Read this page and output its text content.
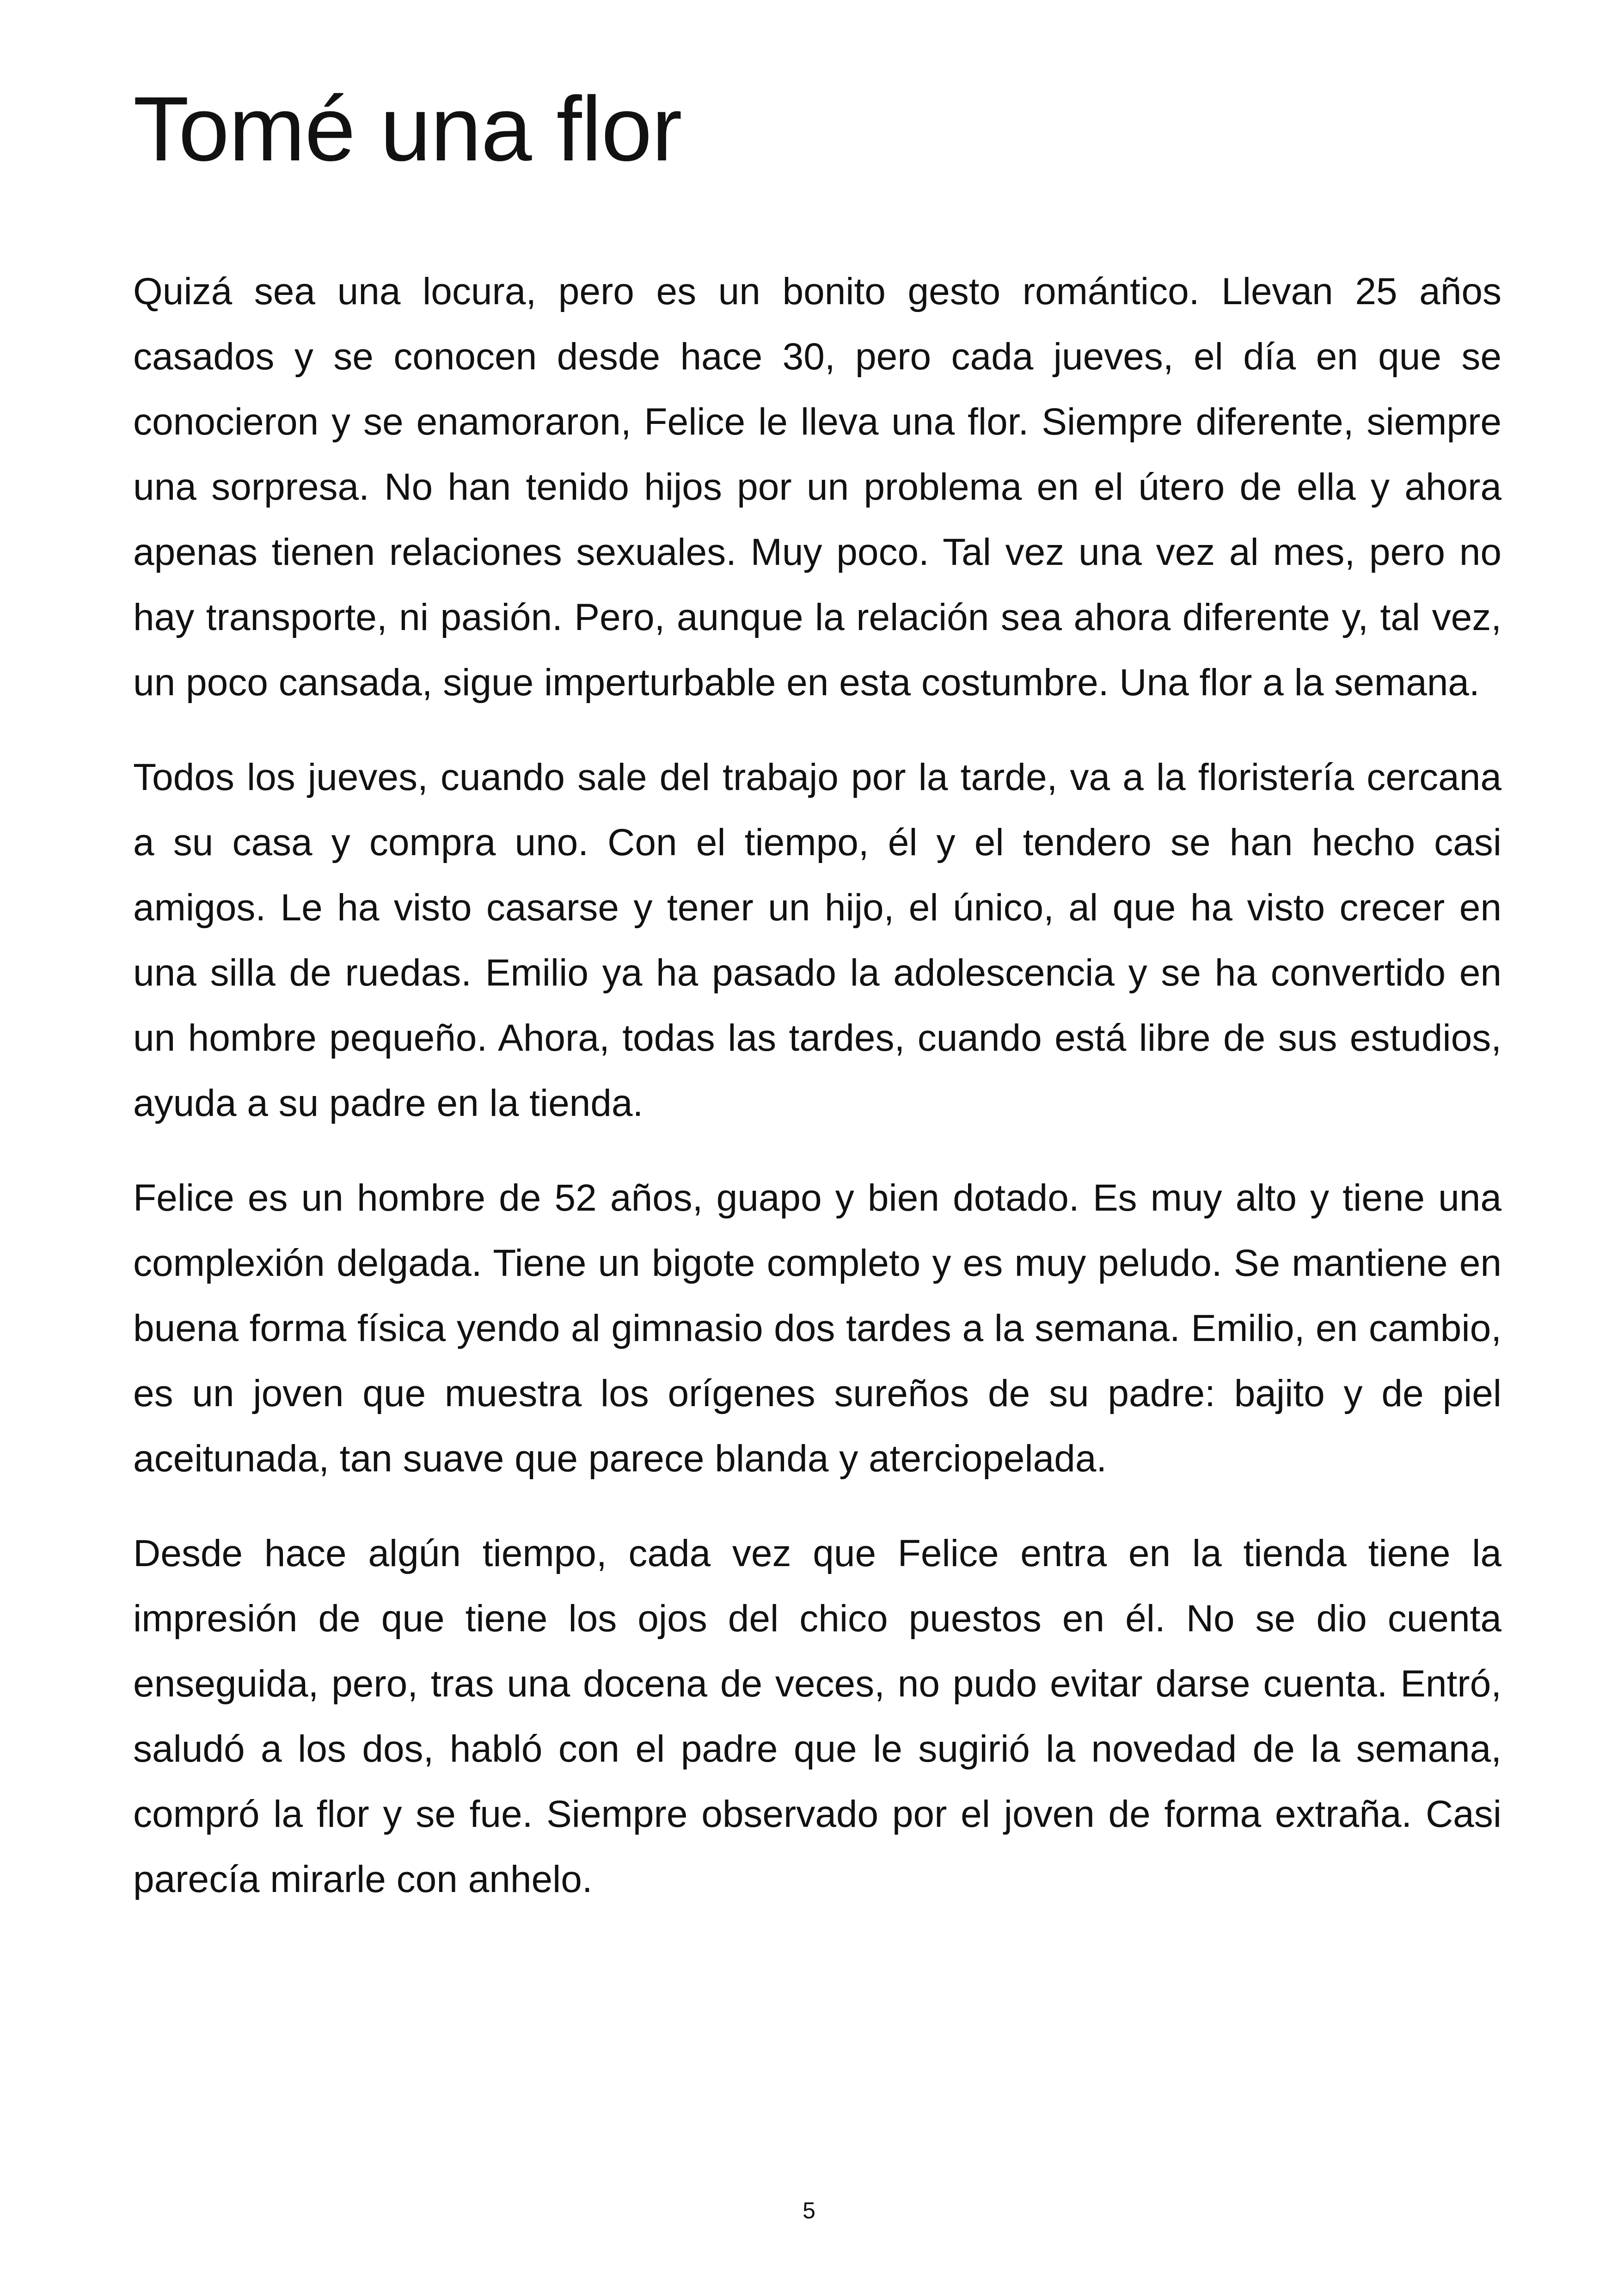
Tomé una flor

Quizá sea una locura, pero es un bonito gesto romántico. Llevan 25 años casados y se conocen desde hace 30, pero cada jueves, el día en que se conocieron y se enamoraron, Felice le lleva una flor. Siempre diferente, siempre una sorpresa. No han tenido hijos por un problema en el útero de ella y ahora apenas tienen relaciones sexuales. Muy poco. Tal vez una vez al mes, pero no hay transporte, ni pasión. Pero, aunque la relación sea ahora diferente y, tal vez, un poco cansada, sigue imperturbable en esta costumbre. Una flor a la semana.

Todos los jueves, cuando sale del trabajo por la tarde, va a la floristería cercana a su casa y compra uno. Con el tiempo, él y el tendero se han hecho casi amigos. Le ha visto casarse y tener un hijo, el único, al que ha visto crecer en una silla de ruedas. Emilio ya ha pasado la adolescencia y se ha convertido en un hombre pequeño. Ahora, todas las tardes, cuando está libre de sus estudios, ayuda a su padre en la tienda.

Felice es un hombre de 52 años, guapo y bien dotado. Es muy alto y tiene una complexión delgada. Tiene un bigote completo y es muy peludo. Se mantiene en buena forma física yendo al gimnasio dos tardes a la semana. Emilio, en cambio, es un joven que muestra los orígenes sureños de su padre: bajito y de piel aceitunada, tan suave que parece blanda y aterciopelada.

Desde hace algún tiempo, cada vez que Felice entra en la tienda tiene la impresión de que tiene los ojos del chico puestos en él. No se dio cuenta enseguida, pero, tras una docena de veces, no pudo evitar darse cuenta. Entró, saludó a los dos, habló con el padre que le sugirió la novedad de la semana, compró la flor y se fue. Siempre observado por el joven de forma extraña. Casi parecía mirarle con anhelo.

5
